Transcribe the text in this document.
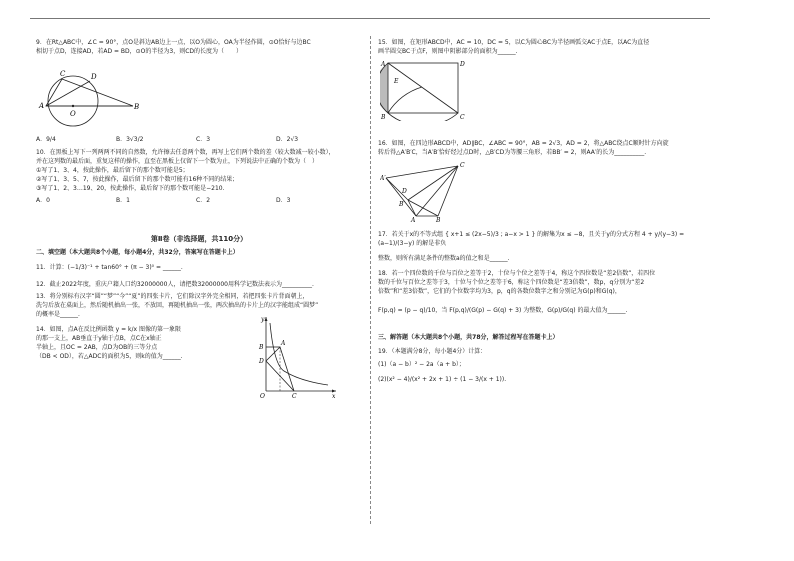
9．在Rt△ABC中，∠C = 90°，点O是斜边AB边上一点，以O为圆心，OA为半径作圆，⊙O恰好与边BC
相切于点D，连接AD，若AD = BD，⊙O的半径为3，则CD的长度为（　　）
C	D
A
O
B
A．9/4	B．3√3/2	C．3	D．2√3
10．在黑板上写下一列两两不同的自然数，允许擦去任意两个数，再写上它们两个数的差（较大数减一较小数），
并在这列数的最后面，重复这样的操作，直至在黑板上仅留下一个数为止，下列说法中正确的个数为（　）
①写了1、3、4，按此操作，最后留下的那个数可能是5；
②写了1、3、5、7，按此操作，最后留下的那个数可能有16种不同的结果；
③写了1、2、3…19、20，按此操作，最后留下的那个数可能是−210.
A．0	B．1	C．2	D．3
第Ⅱ卷（非选择题，共110分）
二、填空题（本大题共8个小题，每小题4分，共32分，答案写在答题卡上）
11．计算：(−1/3)⁻¹ + tan60° + (π − 3)⁰ = ______.
12．截止2022年度，重庆户籍人口约32000000人，请把数32000000用科学记数法表示为__________.
13．将分别标有汉字“圆”“梦”“今”“夏”的四张卡片，它们除汉字外完全相同，若把四张卡片背面朝上，
洗匀后放在桌面上，然后随机抽出一张，不放回，再随机抽出一张，两次抽出的卡片上的汉字能组成“圆梦”
的概率是______.
14．如图，点A在反比例函数 y = k/x 图像的第一象限
的那一支上，AB垂直于y轴于点B，点C在x轴正
半轴上，且OC = 2AB，点D为OB的三等分点
（DB < OD），若△ADC的面积为5，则k的值为______.
y
x
A
B
D
O	C
15．如图，在矩形ABCD中，AC = 10，DC = 5，以C为圆心BC为半径画弧交AC于点E，以AC为直径
画半圆交BC于点F，则图中阴影部分的面积为______.
A	D
E
B	C
16．如图，在四边形ABCD中，AD∥BC，∠ABC = 90°，AB = 2√3，AD = 2，将△ABC绕点C顺时针方向旋
转后得△A′B′C，当A′B′恰好经过点D时，△B′CD为等腰三角形，若BB′ = 2，则AA′的长为__________.
A′
C
D
B′
A	B
17．若关于x的不等式组 { x+1 ≤ (2x−5)/3 ; a−x > 1 } 的解集为x ≤ −8，且关于y的分式方程 4 + y/(y−3) = (a−1)/(3−y) 的解是非负
整数，则所有满足条件的整数a的值之和是______.
18．若一个四位数的千位与百位之差等于2，十位与个位之差等于4，称这个四位数是“差2倍数”，若四位
数的千位与百位之差等于3，十位与个位之差等于6，称这个四位数是“差3倍数”，数p，q分别为“差2
倍数”和“差3倍数”，它们的个位数字均为3，p，q的各数位数字之和分别记为G(p)和G(q)，
F(p,q) = (p − q)/10，当 F(p,q)/(G(p) − G(q) + 3) 为整数，G(p)/G(q) 的最大值为______.
三、解答题（本大题共8个小题，共78分，解答过程写在答题卡上）
19．（本题满分8分，每小题4分）计算：
(1)（a − b）² − 2a（a + b）；
(2)(x² − 4)/(x² + 2x + 1) ÷ (1 − 3/(x + 1)).
